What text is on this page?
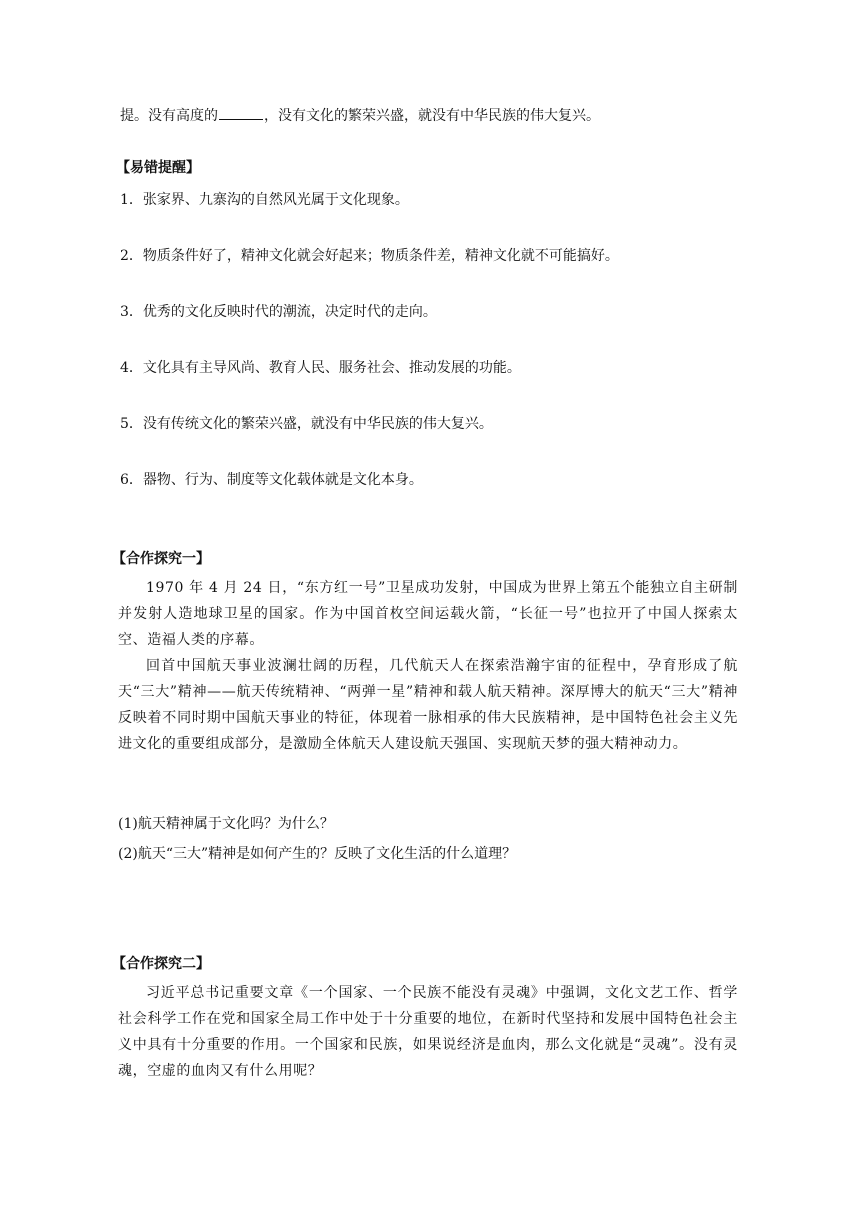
提。没有高度的	，没有文化的繁荣兴盛，就没有中华民族的伟大复兴。
【易错提醒】
1．张家界、九寨沟的自然风光属于文化现象。
2．物质条件好了，精神文化就会好起来；物质条件差，精神文化就不可能搞好。
3．优秀的文化反映时代的潮流，决定时代的走向。
4．文化具有主导风尚、教育人民、服务社会、推动发展的功能。
5．没有传统文化的繁荣兴盛，就没有中华民族的伟大复兴。
6．器物、行为、制度等文化载体就是文化本身。
【合作探究一】
1970 年 4 月 24 日，“东方红一号”卫星成功发射，中国成为世界上第五个能独立自主研制并发射人造地球卫星的国家。作为中国首枚空间运载火箭，“长征一号”也拉开了中国人探索太空、造福人类的序幕。
回首中国航天事业波澜壮阔的历程，几代航天人在探索浩瀚宇宙的征程中，孕育形成了航天“三大”精神——航天传统精神、“两弹一星”精神和载人航天精神。深厚博大的航天“三大”精神反映着不同时期中国航天事业的特征，体现着一脉相承的伟大民族精神，是中国特色社会主义先进文化的重要组成部分，是激励全体航天人建设航天强国、实现航天梦的强大精神动力。
(1)航天精神属于文化吗？为什么？
(2)航天“三大”精神是如何产生的？反映了文化生活的什么道理？
【合作探究二】
习近平总书记重要文章《一个国家、一个民族不能没有灵魂》中强调，文化文艺工作、哲学社会科学工作在党和国家全局工作中处于十分重要的地位，在新时代坚持和发展中国特色社会主义中具有十分重要的作用。一个国家和民族，如果说经济是血肉，那么文化就是“灵魂”。没有灵魂，空虚的血肉又有什么用呢？
